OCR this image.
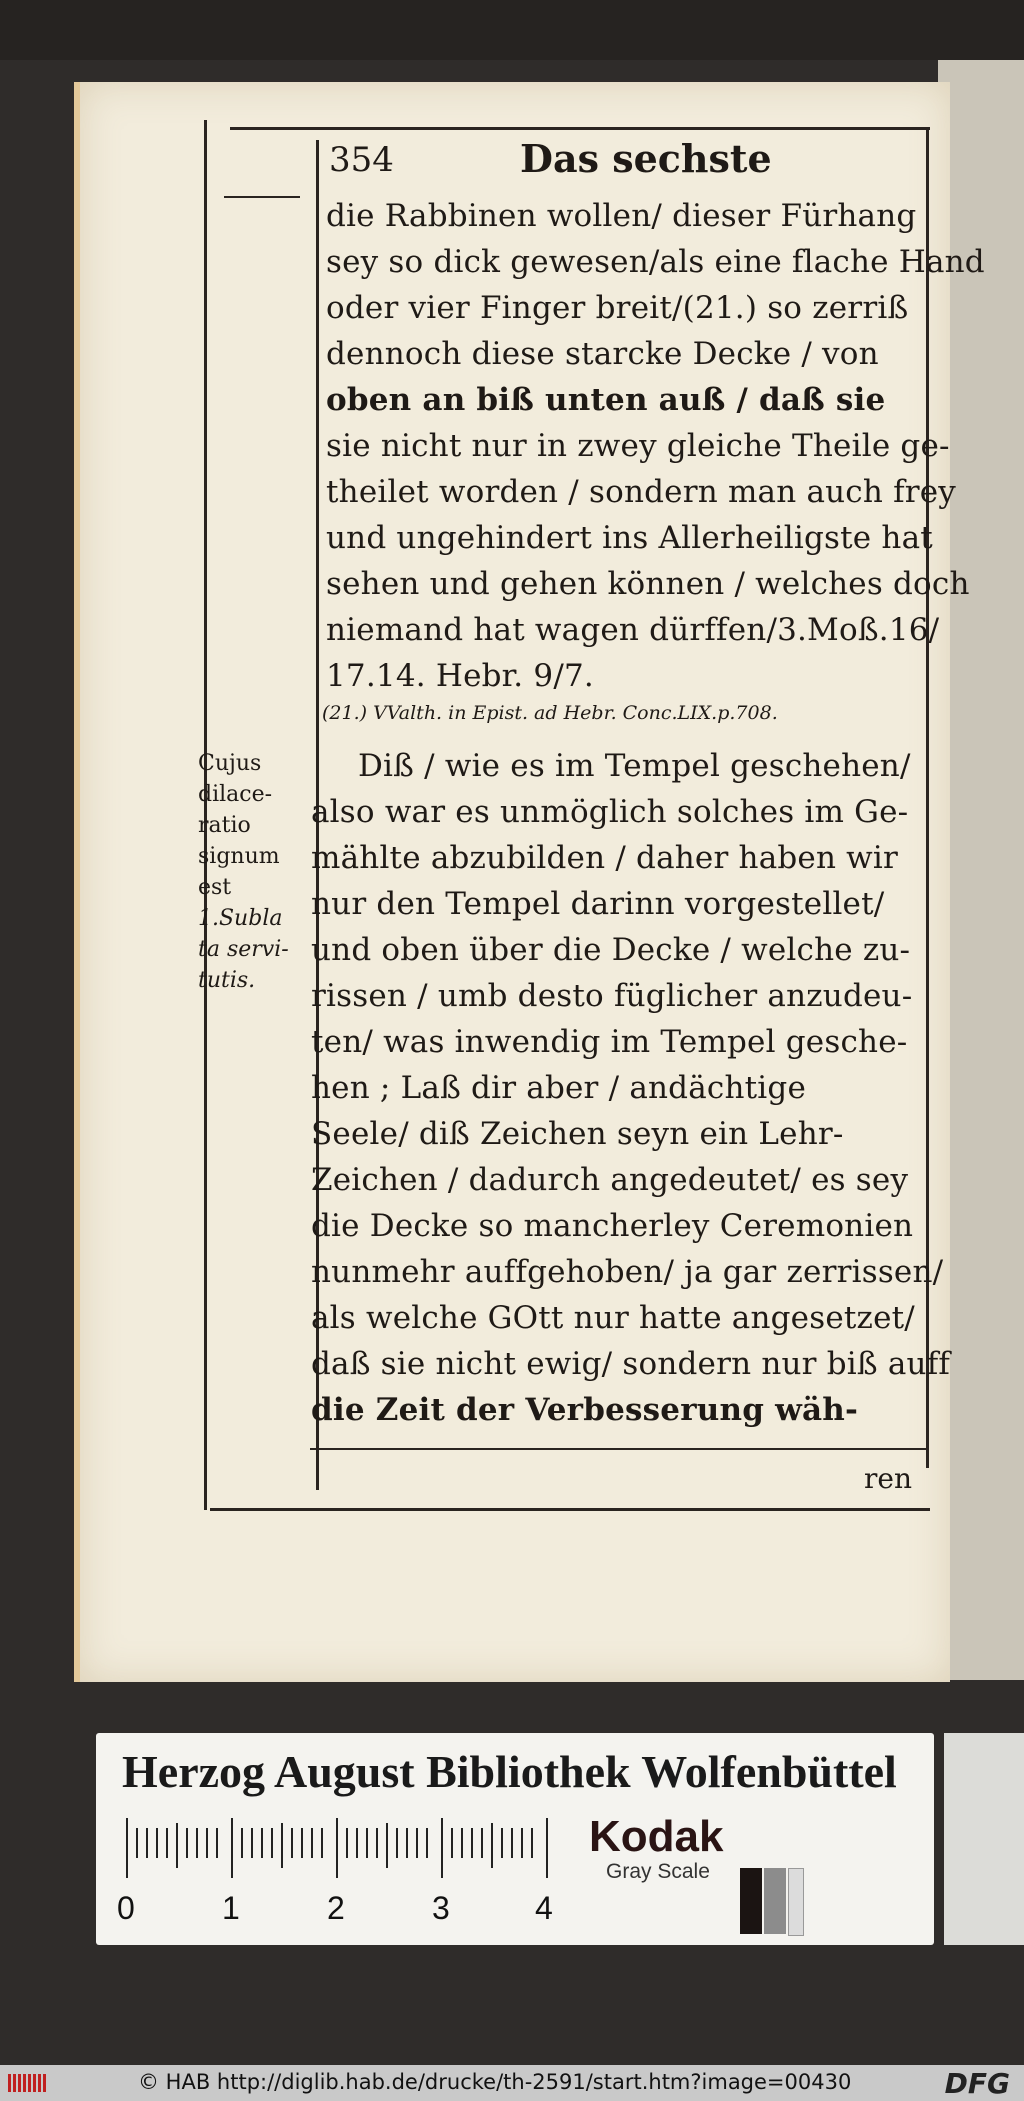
354	Das sechste
die Rabbinen wollen/ dieser Fürhang
sey so dick gewesen/als eine flache Hand
oder vier Finger breit/(21.) so zerriß
dennoch diese starcke Decke / von
oben an biß unten auß / daß sie
sie nicht nur in zwey gleiche Theile ge-
theilet worden / sondern man auch frey
und ungehindert ins Allerheiligste hat
sehen und gehen können / welches doch
niemand hat wagen dürffen/3.Moß.16/
17.14. Hebr. 9/7.
(21.) VValth. in Epist. ad Hebr. Conc.LIX.p.708.
Cujus
dilace-
ratio
signum
est
1.Subla
ta servi-
tutis.
Diß / wie es im Tempel geschehen/
also war es unmöglich solches im Ge-
mählte abzubilden / daher haben wir
nur den Tempel darinn vorgestellet/
und oben über die Decke / welche zu-
rissen / umb desto füglicher anzudeu-
ten/ was inwendig im Tempel gesche-
hen ; Laß dir aber / andächtige
Seele/ diß Zeichen seyn ein Lehr-
Zeichen / dadurch angedeutet/ es sey
die Decke so mancherley Ceremonien
nunmehr auffgehoben/ ja gar zerrissen/
als welche GOtt nur hatte angesetzet/
daß sie nicht ewig/ sondern nur biß auff
die Zeit der Verbesserung wäh-
ren
Herzog August Bibliothek Wolfenbüttel
0	1	2	3	4
Kodak
Gray Scale
© HAB http://diglib.hab.de/drucke/th-2591/start.htm?image=00430	DFG
